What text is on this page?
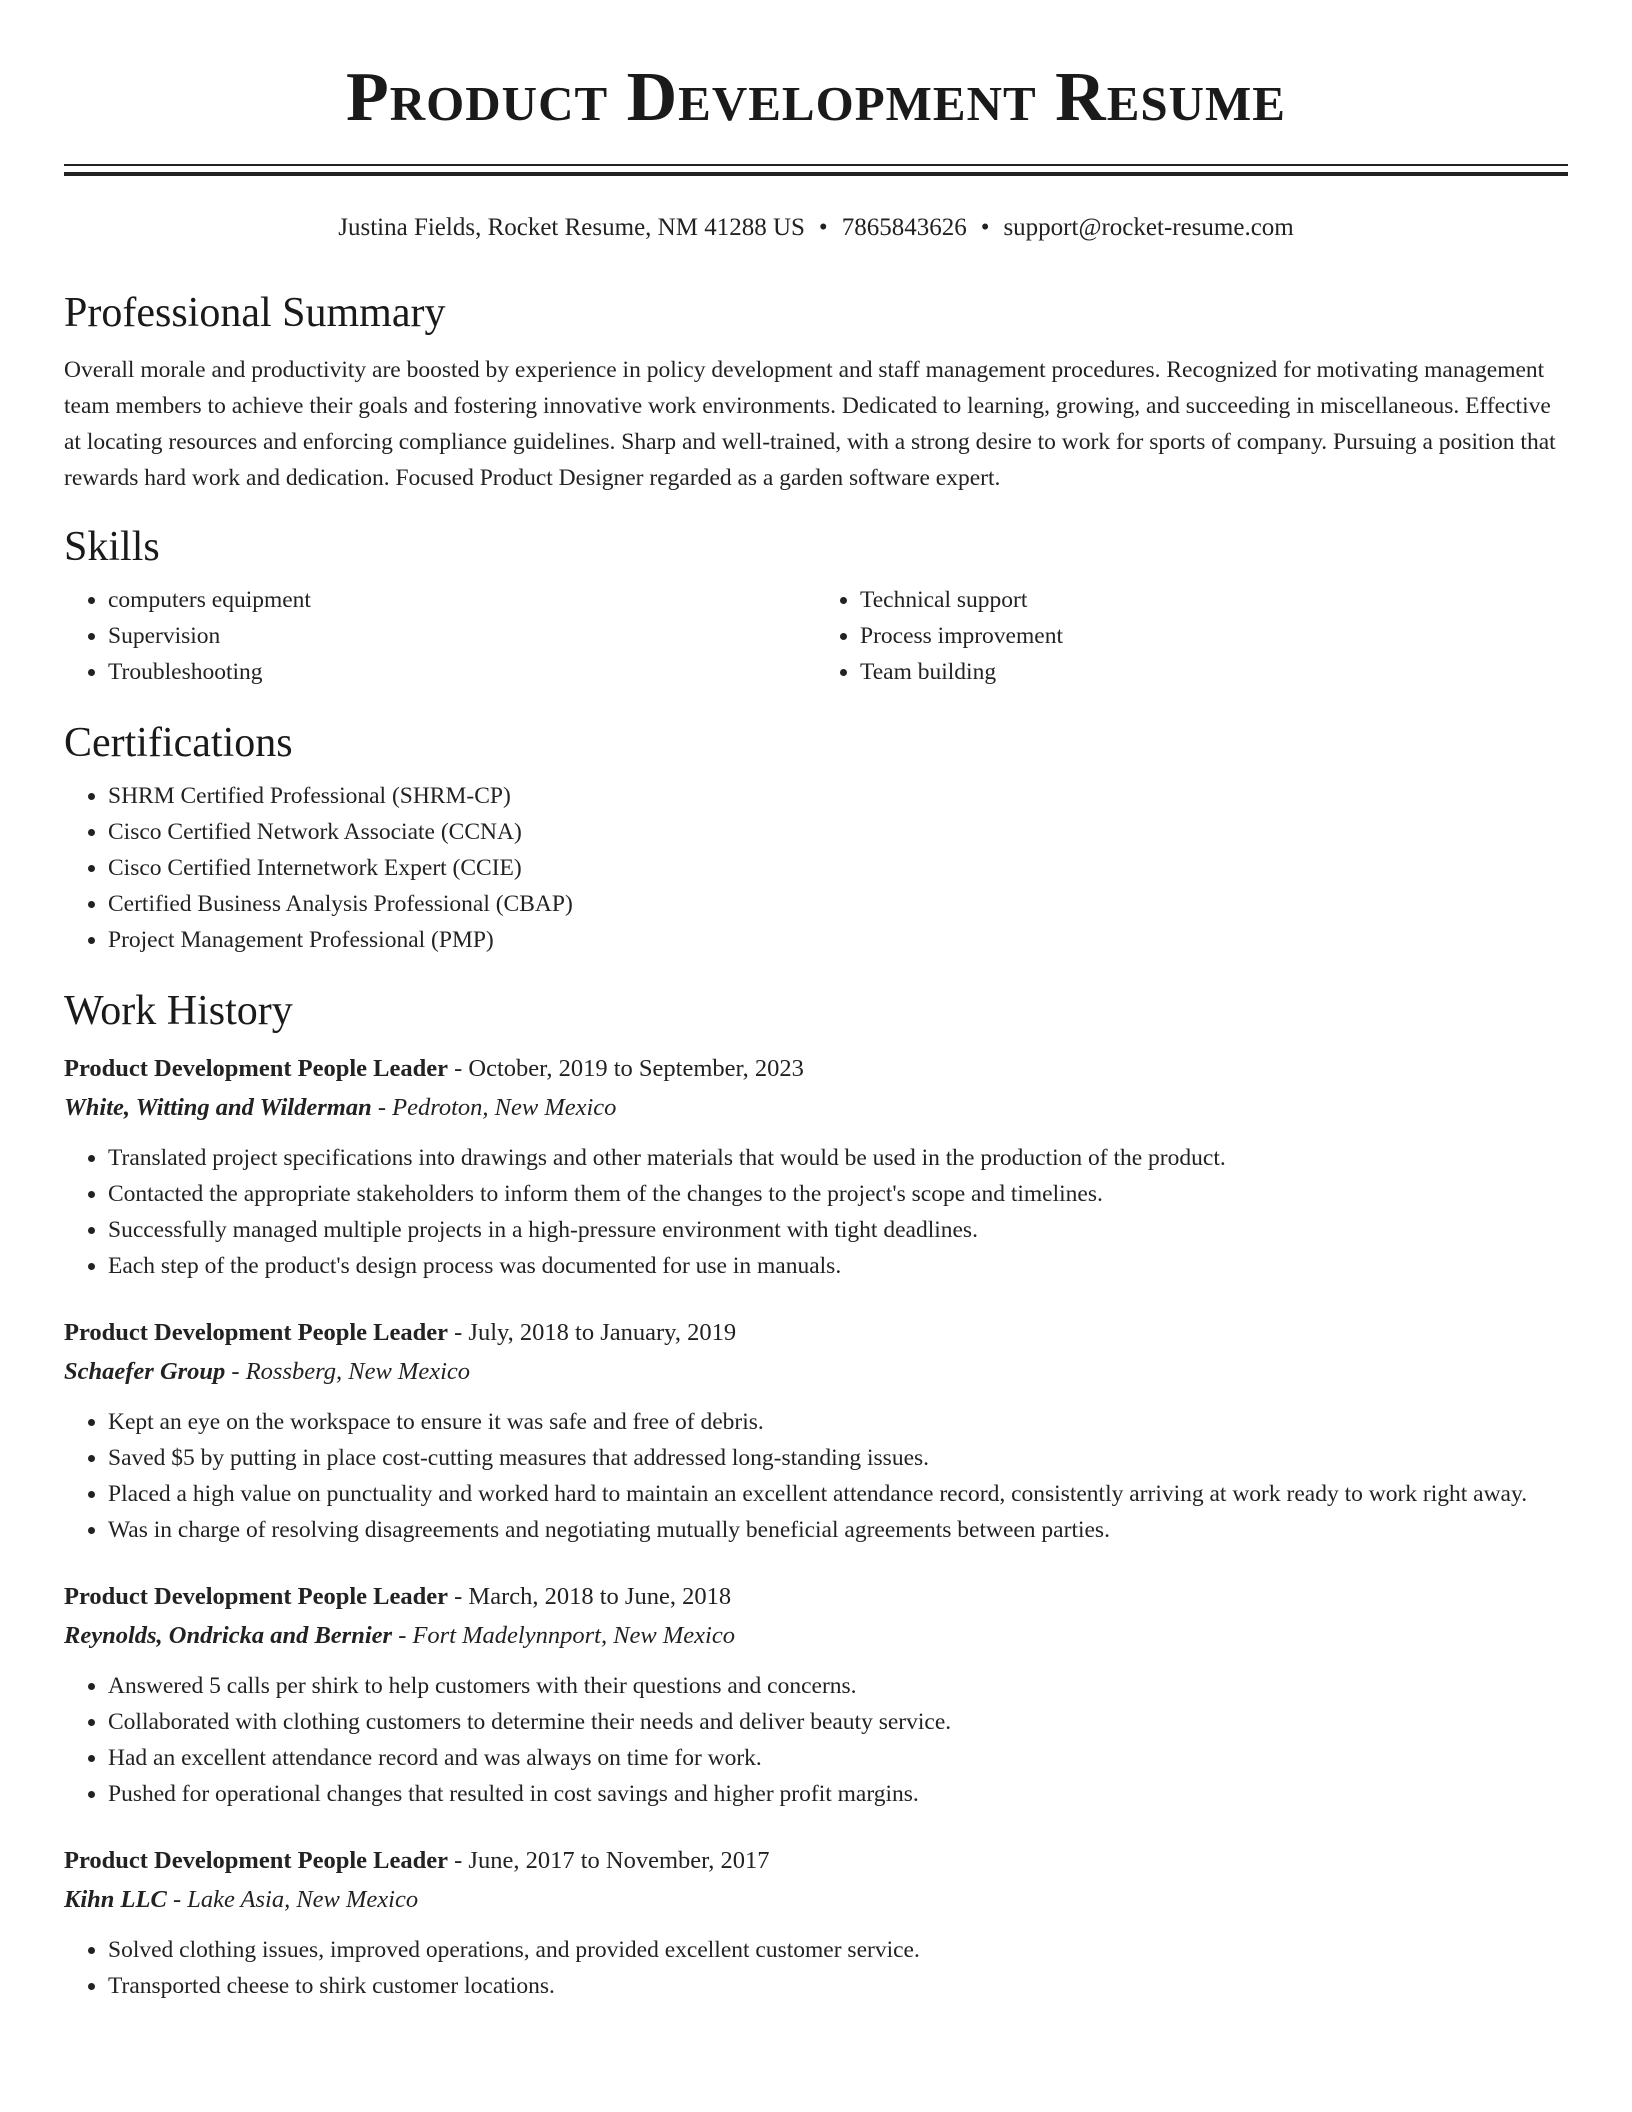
Product Development Resume
Justina Fields, Rocket Resume, NM 41288 US • 7865843626 • support@rocket-resume.com
Professional Summary

Overall morale and productivity are boosted by experience in policy development and staff management procedures. Recognized for motivating management team members to achieve their goals and fostering innovative work environments. Dedicated to learning, growing, and succeeding in miscellaneous. Effective at locating resources and enforcing compliance guidelines. Sharp and well-trained, with a strong desire to work for sports of company. Pursuing a position that rewards hard work and dedication. Focused Product Designer regarded as a garden software expert.

Skills
• computers equipment
• Supervision
• Troubleshooting
• Technical support
• Process improvement
• Team building
Certifications
• SHRM Certified Professional (SHRM-CP)
• Cisco Certified Network Associate (CCNA)
• Cisco Certified Internetwork Expert (CCIE)
• Certified Business Analysis Professional (CBAP)
• Project Management Professional (PMP)
Work History
Product Development People Leader - October, 2019 to September, 2023
White, Witting and Wilderman - Pedroton, New Mexico
• Translated project specifications into drawings and other materials that would be used in the production of the product.
• Contacted the appropriate stakeholders to inform them of the changes to the project's scope and timelines.
• Successfully managed multiple projects in a high-pressure environment with tight deadlines.
• Each step of the product's design process was documented for use in manuals.
Product Development People Leader - July, 2018 to January, 2019
Schaefer Group - Rossberg, New Mexico
• Kept an eye on the workspace to ensure it was safe and free of debris.
• Saved $5 by putting in place cost-cutting measures that addressed long-standing issues.
• Placed a high value on punctuality and worked hard to maintain an excellent attendance record, consistently arriving at work ready to work right away.
• Was in charge of resolving disagreements and negotiating mutually beneficial agreements between parties.
Product Development People Leader - March, 2018 to June, 2018
Reynolds, Ondricka and Bernier - Fort Madelynnport, New Mexico
• Answered 5 calls per shirk to help customers with their questions and concerns.
• Collaborated with clothing customers to determine their needs and deliver beauty service.
• Had an excellent attendance record and was always on time for work.
• Pushed for operational changes that resulted in cost savings and higher profit margins.
Product Development People Leader - June, 2017 to November, 2017
Kihn LLC - Lake Asia, New Mexico
• Solved clothing issues, improved operations, and provided excellent customer service.
• Transported cheese to shirk customer locations.
